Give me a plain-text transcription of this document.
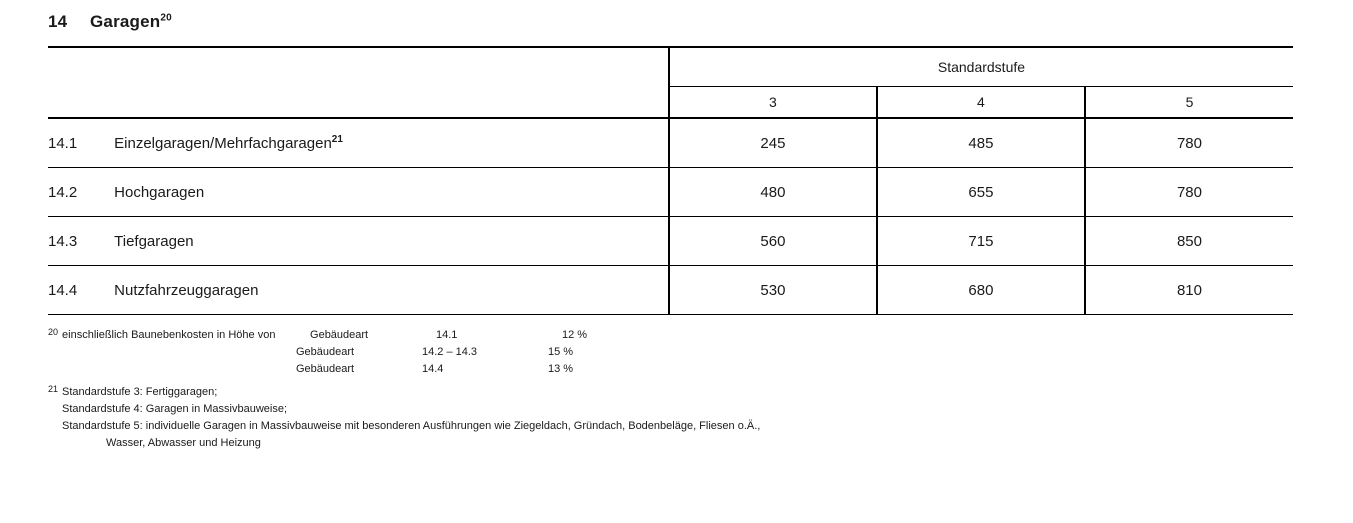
14	Garagen$^{20}$
		Standardstufe		
		3	4	5
14.1	Einzelgaragen/Mehrfachgaragen$^{21}$	245	485	780
14.2	Hochgaragen	480	655	780
14.3	Tiefgaragen	560	715	850
14.4	Nutzfahrzeuggaragen	530	680	810

20 einschließlich Baunebenkosten in Höhe von	Gebäudeart	14.1	12 %
Gebäudeart	14.2 – 14.3	15 %
Gebäudeart	14.4	13 %
21 Standardstufe 3: Fertiggaragen;
Standardstufe 4: Garagen in Massivbauweise;
Standardstufe 5: individuelle Garagen in Massivbauweise mit besonderen Ausführungen wie Ziegeldach, Gründach, Bodenbeläge, Fliesen o.Ä.,
Wasser, Abwasser und Heizung
